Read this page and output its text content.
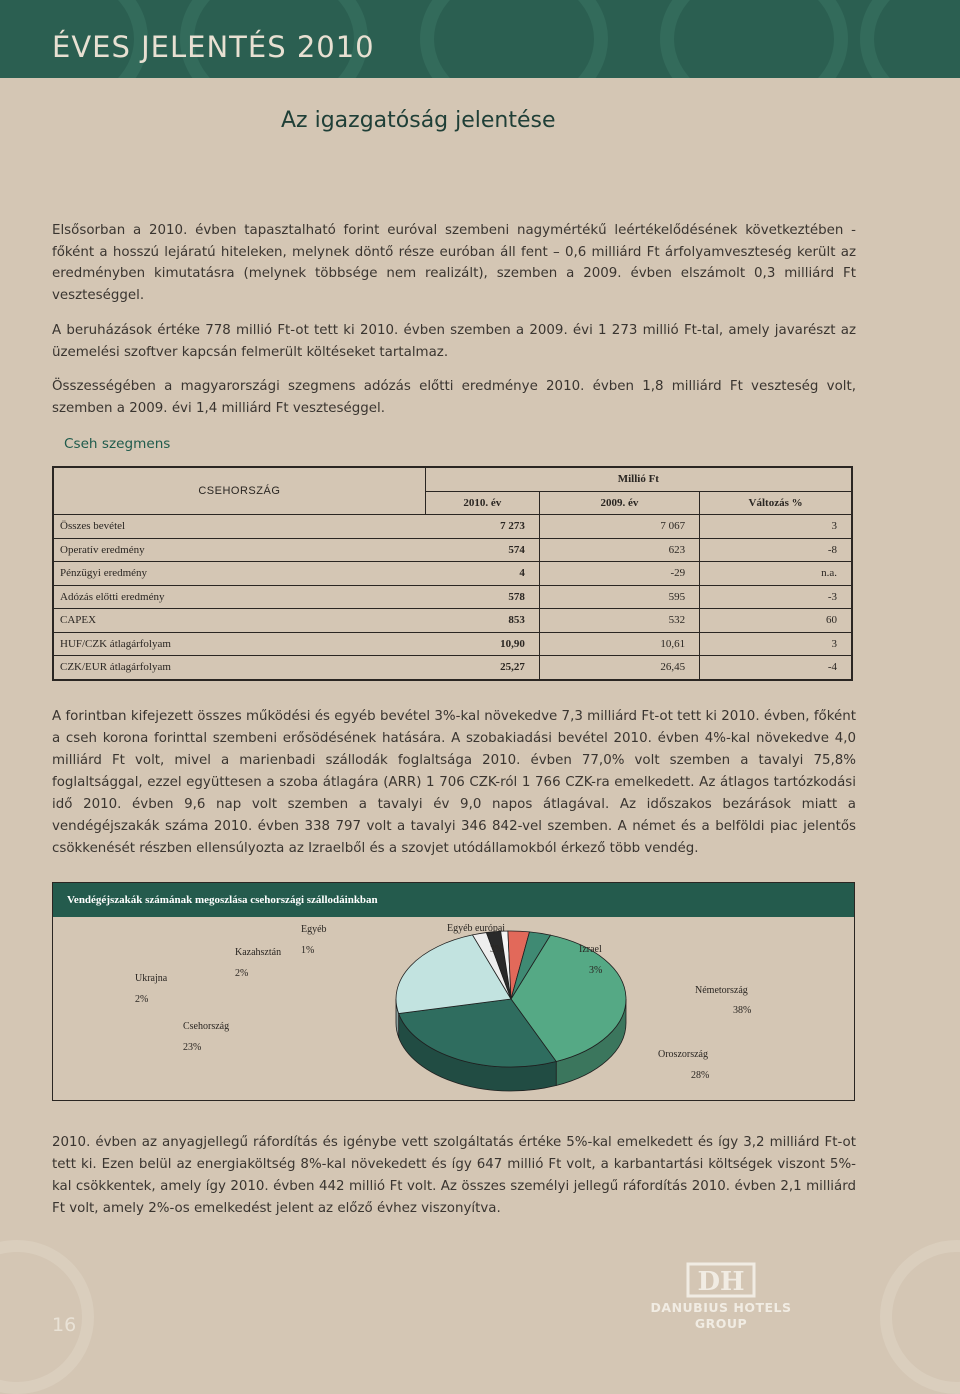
ÉVES JELENTÉS 2010
Az igazgatóság jelentése

Elsősorban a 2010. évben tapasztalható forint euróval szembeni nagymértékű leértékelődésének következtében - főként a hosszú lejáratú hiteleken, melynek döntő része euróban áll fent – 0,6 milliárd Ft árfolyamveszteség került az eredményben kimutatásra (melynek többsége nem realizált), szemben a 2009. évben elszámolt 0,3 milliárd Ft veszteséggel.

A beruházások értéke 778 millió Ft-ot tett ki 2010. évben szemben a 2009. évi 1 273 millió Ft-tal, amely javarészt az üzemelési szoftver kapcsán felmerült költéseket tartalmaz.

Összességében a magyarországi szegmens adózás előtti eredménye 2010. évben 1,8 milliárd Ft veszteség volt, szemben a 2009. évi 1,4 milliárd Ft veszteséggel.

Cseh szegmens
CSEHORSZÁG	Millió Ft		
	2010. év	2009. év	Változás %
Összes bevétel	7 273	7 067	3
Operatív eredmény	574	623	-8
Pénzügyi eredmény	4	-29	n.a.
Adózás előtti eredmény	578	595	-3
CAPEX	853	532	60
HUF/CZK átlagárfolyam	10,90	10,61	3
CZK/EUR átlagárfolyam	25,27	26,45	-4

A forintban kifejezett összes működési és egyéb bevétel 3%-kal növekedve 7,3 milliárd Ft-ot tett ki 2010. évben, főként a cseh korona forinttal szembeni erősödésének hatására. A szobakiadási bevétel 2010. évben 4%-kal növekedve 4,0 milliárd Ft volt, mivel a marienbadi szállodák foglaltsága 2010. évben 77,0% volt szemben a tavalyi 75,8% foglaltsággal, ezzel együttesen a szoba átlagára (ARR) 1 706 CZK-ról 1 766 CZK-ra emelkedett. Az átlagos tartózkodási idő 2010. évben 9,6 nap volt szemben a tavalyi év 9,0 napos átlagával. Az időszakos bezárások miatt a vendégéjszakák száma 2010. évben 338 797 volt a tavalyi 346 842-vel szemben. A német és a belföldi piac jelentős csökkenését részben ellensúlyozta az Izraelből és a szovjet utódállamokból érkező több vendég.

Vendégéjszakák számának megoszlása csehországi szállodáinkban
Németország
38%
Oroszország
28%
Csehország
23%
Ukrajna
2%
Kazahsztán
2%
Egyéb
1%
Egyéb európai
3%	Izrael
3%

2010. évben az anyagjellegű ráfordítás és igénybe vett szolgáltatás értéke 5%-kal emelkedett és így 3,2 milliárd Ft-ot tett ki. Ezen belül az energiaköltség 8%-kal növekedett és így 647 millió Ft volt, a karbantartási költségek viszont 5%-kal csökkentek, amely így 2010. évben 442 millió Ft volt. Az összes személyi jellegű ráfordítás 2010. évben 2,1 milliárd Ft volt, amely 2%-os emelkedést jelent az előző évhez viszonyítva.

16

DH
DANUBIUS HOTELS
GROUP
